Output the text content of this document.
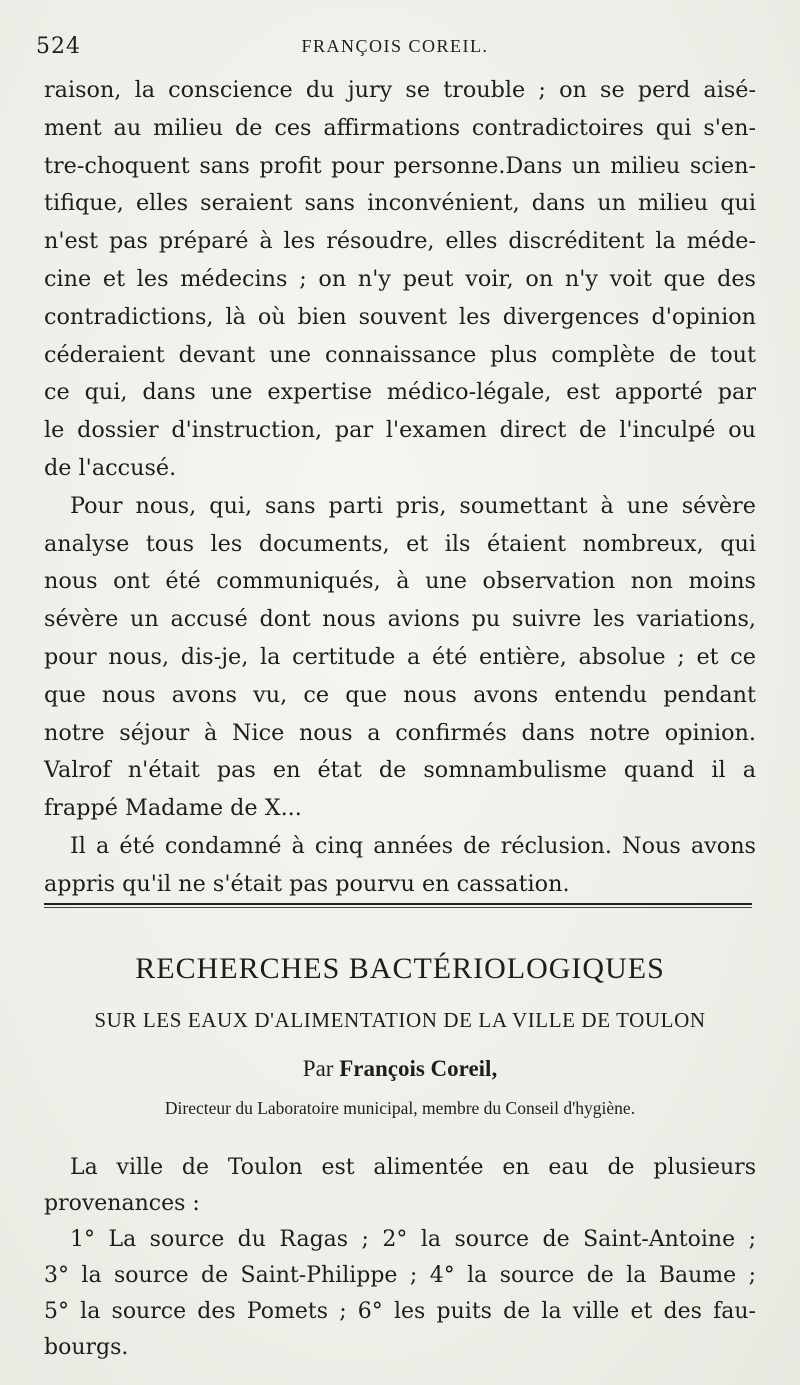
524	FRANÇOIS COREIL.
raison, la conscience du jury se trouble ; on se perd aisé-
ment au milieu de ces affirmations contradictoires qui s'en-
tre-choquent sans profit pour personne.Dans un milieu scien-
tifique, elles seraient sans inconvénient, dans un milieu qui
n'est pas préparé à les résoudre, elles discréditent la méde-
cine et les médecins ; on n'y peut voir, on n'y voit que des
contradictions, là où bien souvent les divergences d'opinion
céderaient devant une connaissance plus complète de tout
ce qui, dans une expertise médico-légale, est apporté par
le dossier d'instruction, par l'examen direct de l'inculpé ou
de l'accusé.
Pour nous, qui, sans parti pris, soumettant à une sévère
analyse tous les documents, et ils étaient nombreux, qui
nous ont été communiqués, à une observation non moins
sévère un accusé dont nous avions pu suivre les variations,
pour nous, dis-je, la certitude a été entière, absolue ; et ce
que nous avons vu, ce que nous avons entendu pendant
notre séjour à Nice nous a confirmés dans notre opinion.
Valrof n'était pas en état de somnambulisme quand il a
frappé Madame de X...
Il a été condamné à cinq années de réclusion. Nous avons
appris qu'il ne s'était pas pourvu en cassation.
RECHERCHES BACTÉRIOLOGIQUES
SUR LES EAUX D'ALIMENTATION DE LA VILLE DE TOULON
Par François Coreil,
Directeur du Laboratoire municipal, membre du Conseil d'hygiène.
La ville de Toulon est alimentée en eau de plusieurs
provenances :
1° La source du Ragas ; 2° la source de Saint-Antoine ;
3° la source de Saint-Philippe ; 4° la source de la Baume ;
5° la source des Pomets ; 6° les puits de la ville et des fau-
bourgs.
